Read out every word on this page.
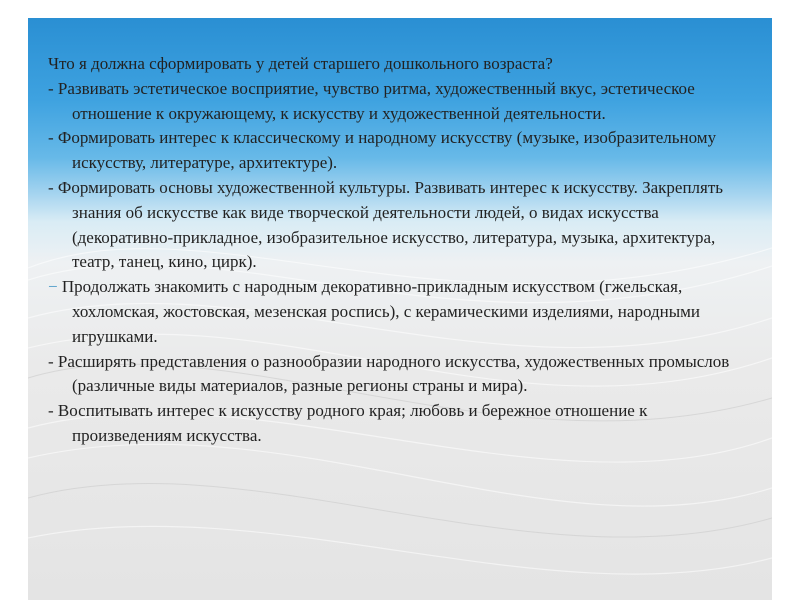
Что я должна сформировать у детей старшего дошкольного возраста?

- Развивать эстетическое восприятие, чувство ритма, художественный вкус, эстетическое отношение к окружающему, к искусству и художественной деятельности.

- Формировать интерес к классическому и народному искусству (музыке, изобразительному искусству, литературе, архитектуре).

- Формировать основы художественной культуры. Развивать интерес к искусству. Закреплять знания об искусстве как виде творческой деятельности людей, о видах искусства (декоративно-прикладное, изобразительное искусство, литература, музыка, архитектура, театр, танец, кино, цирк).

− Продолжать знакомить с народным декоративно-прикладным искусством (гжельская, хохломская, жостовская, мезенская роспись), с керамическими изделиями, народными игрушками.

- Расширять представления о разнообразии народного искусства, художественных промыслов (различные виды материалов, разные регионы страны и мира).

- Воспитывать интерес к искусству родного края; любовь и бережное отношение к произведениям искусства.
